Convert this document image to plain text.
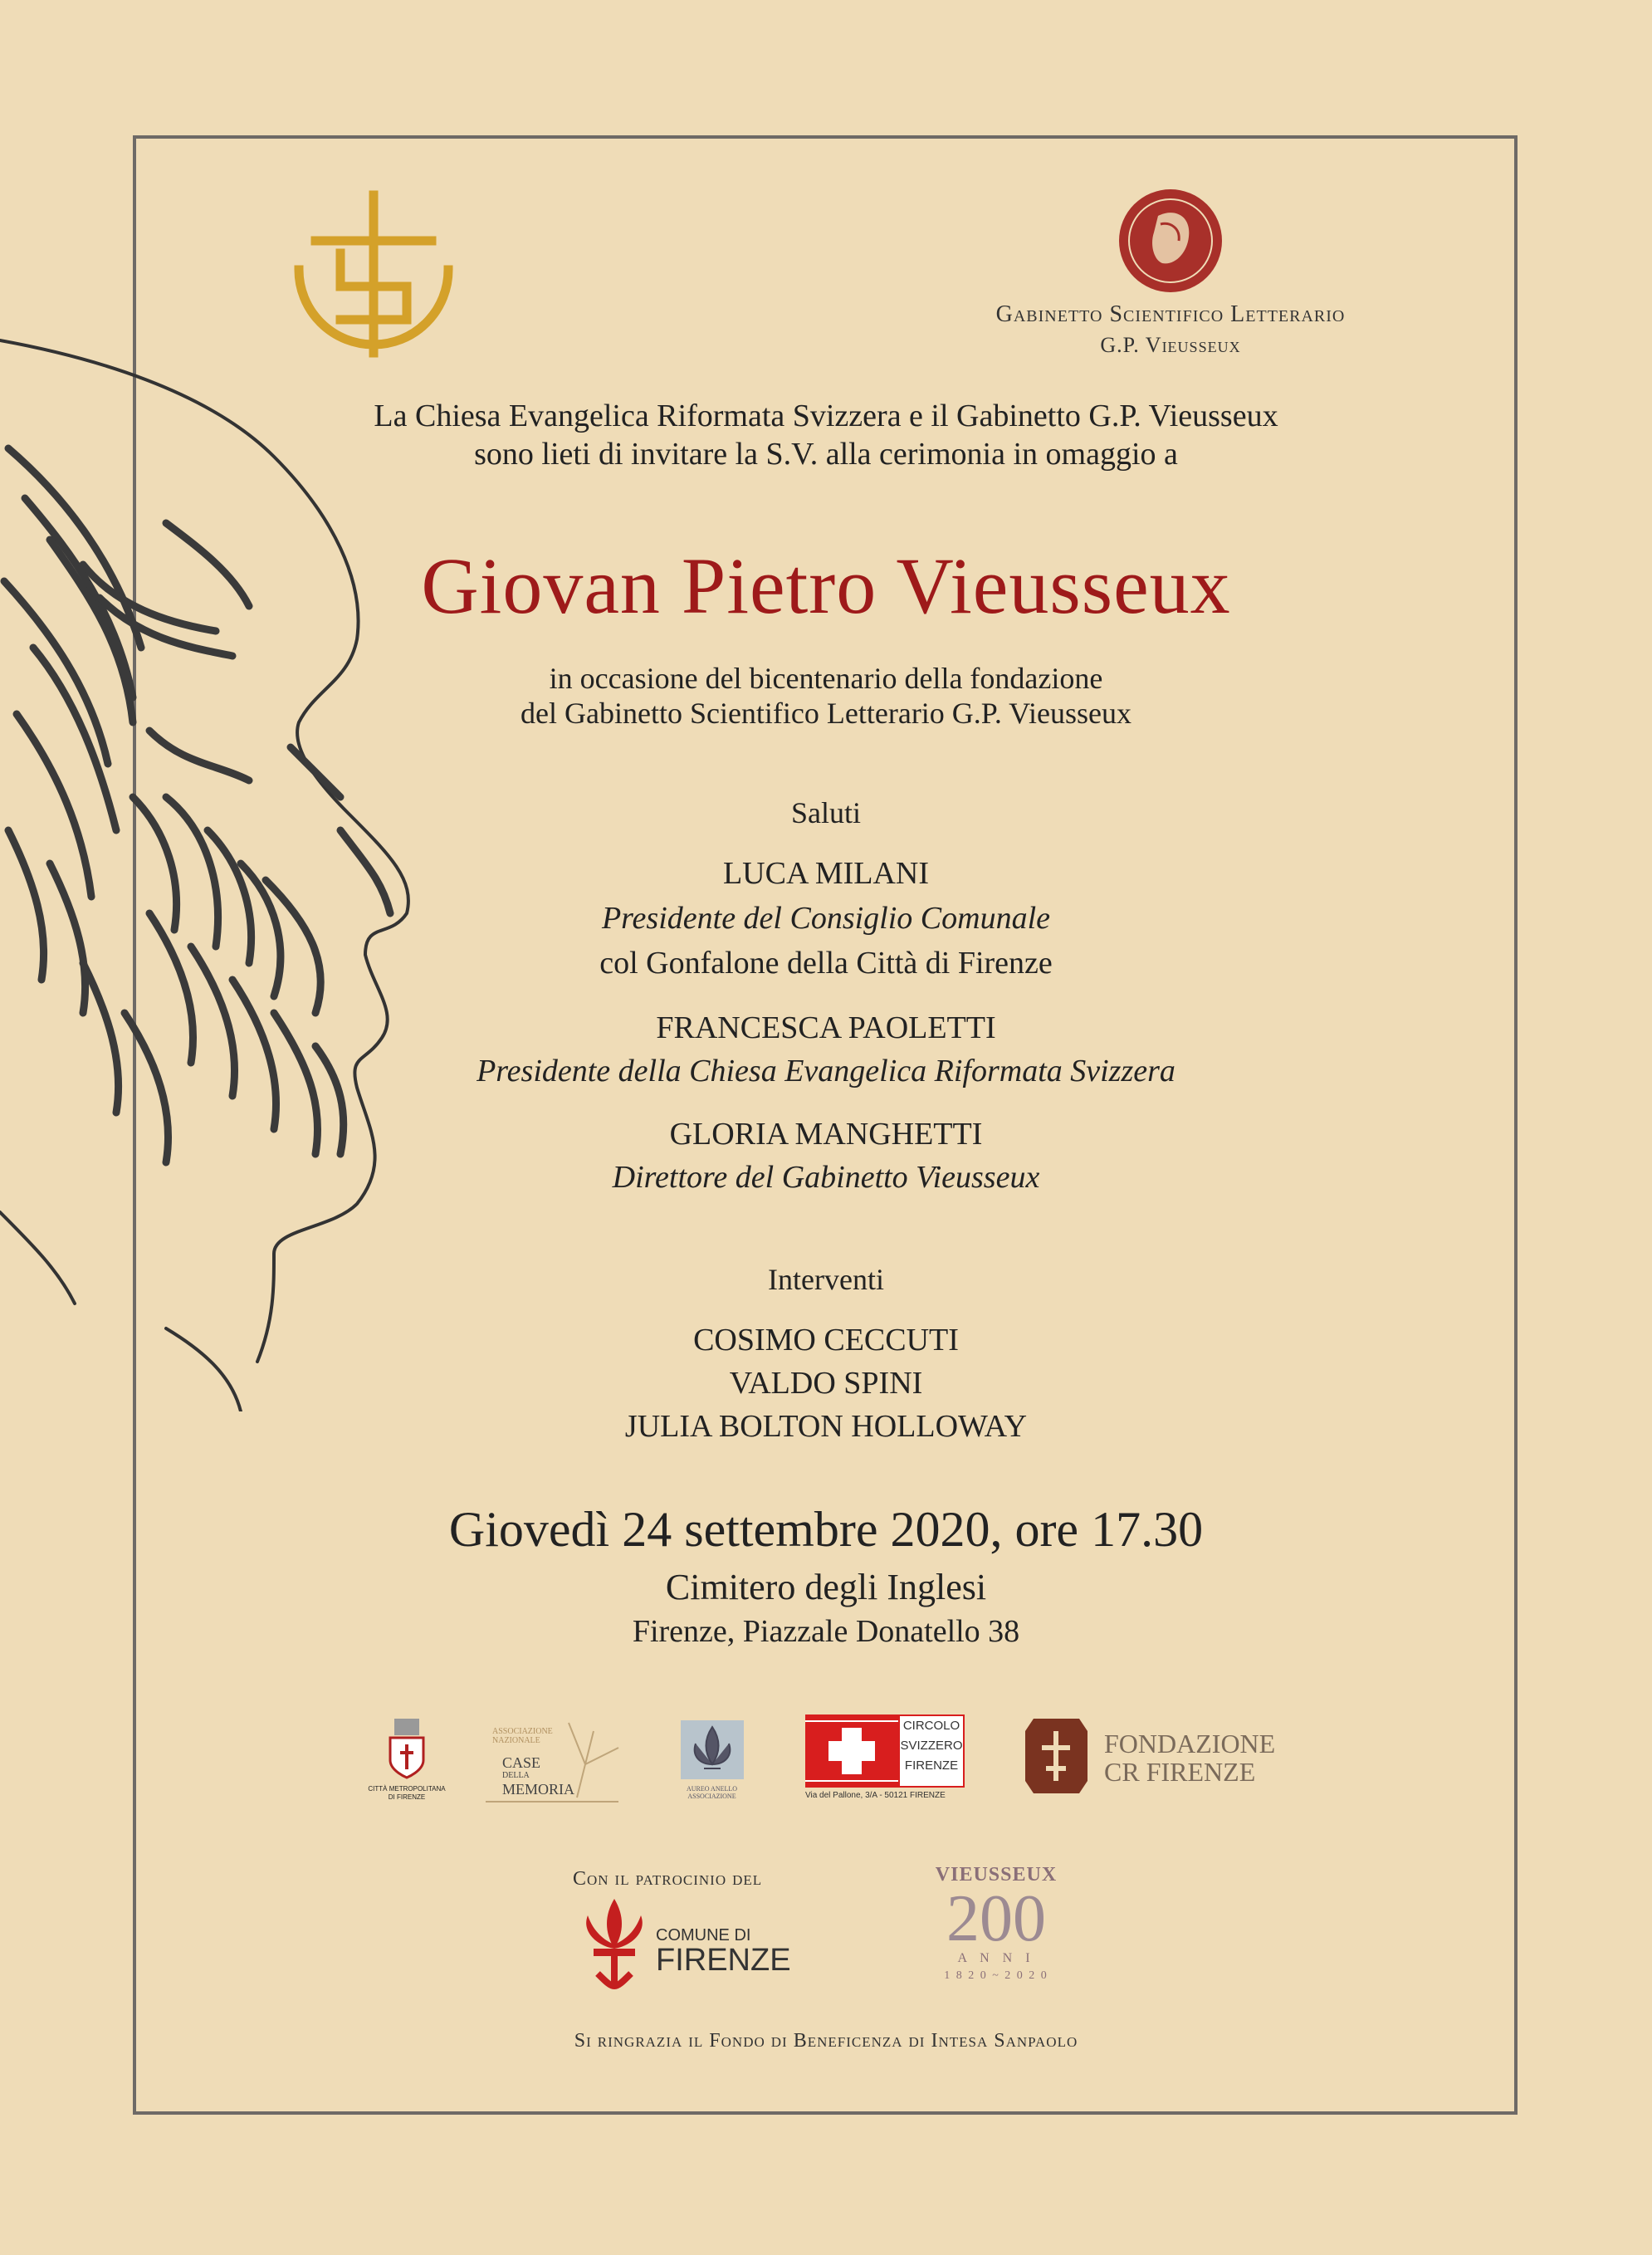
Gabinetto Scientifico Letterario
G.P. Vieusseux
La Chiesa Evangelica Riformata Svizzera e il Gabinetto G.P. Vieusseux
sono lieti di invitare la S.V. alla cerimonia in omaggio a
Giovan Pietro Vieusseux
in occasione del bicentenario della fondazione
del Gabinetto Scientifico Letterario G.P. Vieusseux
Saluti
LUCA MILANI
Presidente del Consiglio Comunale
col Gonfalone della Città di Firenze
FRANCESCA PAOLETTI
Presidente della Chiesa Evangelica Riformata Svizzera
GLORIA MANGHETTI
Direttore del Gabinetto Vieusseux
Interventi
COSIMO CECCUTI
VALDO SPINI
JULIA BOLTON HOLLOWAY
Giovedì 24 settembre 2020, ore 17.30
Cimitero degli Inglesi
Firenze, Piazzale Donatello 38
CITTÀ METROPOLITANA
DI FIRENZE
ASSOCIAZIONE
NAZIONALE
CASE
DELLA
MEMORIA	AUREO ANELLO
ASSOCIAZIONE
CIRCOLO
SVIZZERO
FIRENZE
Via del Pallone, 3/A - 50121 FIRENZE
FONDAZIONE
CR FIRENZE
Con il patrocinio del
COMUNE DI
FIRENZE
VIEUSSEUX
200
A N N I
1 8 2 0 ~ 2 0 2 0
Si ringrazia il Fondo di Beneficenza di Intesa Sanpaolo
